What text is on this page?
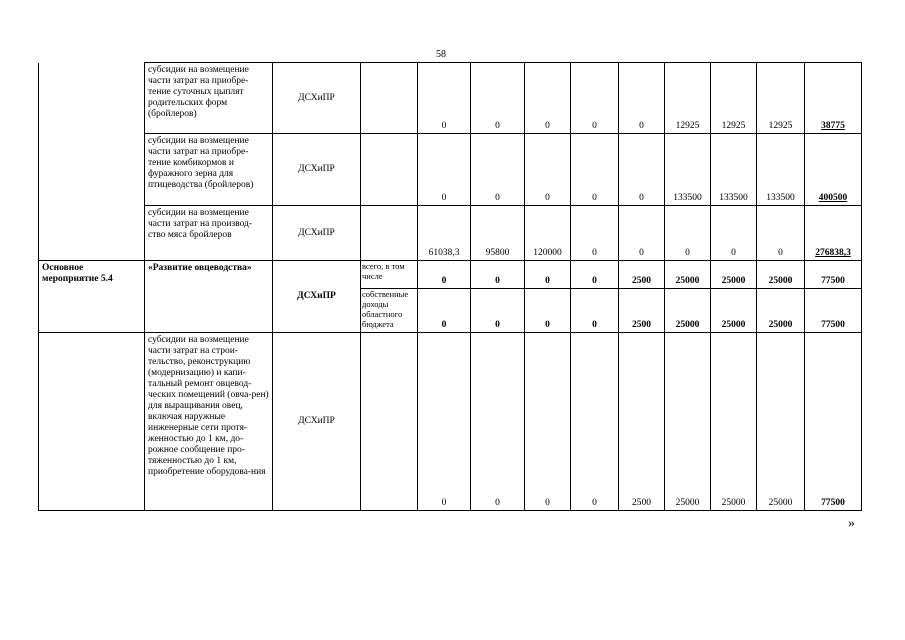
58
	субсидии на возмещение части затрат на приобре-тение суточных цыплят родительских форм (бройлеров)	ДСХиПР		0	0	0	0	0	12925	12925	12925	38775
	субсидии на возмещение части затрат на приобре-тение комбикормов и фуражного зерна для птицеводства (бройлеров)	ДСХиПР		0	0	0	0	0	133500	133500	133500	400500
	субсидии на возмещение части затрат на производ-ство мяса бройлеров	ДСХиПР		61038,3	95800	120000	0	0	0	0	0	276838,3
Основное мероприятие 5.4	«Развитие овцеводства»	ДСХиПР	всего, в том числе	0	0	0	0	2500	25000	25000	25000	77500
			собственные доходы областного бюджета	0	0	0	0	2500	25000	25000	25000	77500
	субсидии на возмещение части затрат на строи-тельство, реконструкцию (модернизацию) и капи-тальный ремонт овцевод-ческих помещений (овча-рен) для выращивания овец, включая наружные инженерные сети протя-женностью до 1 км, до-рожное сообщение про-тяженностью до 1 км, приобретение оборудова-ния	ДСХиПР		0	0	0	0	2500	25000	25000	25000	77500
»
